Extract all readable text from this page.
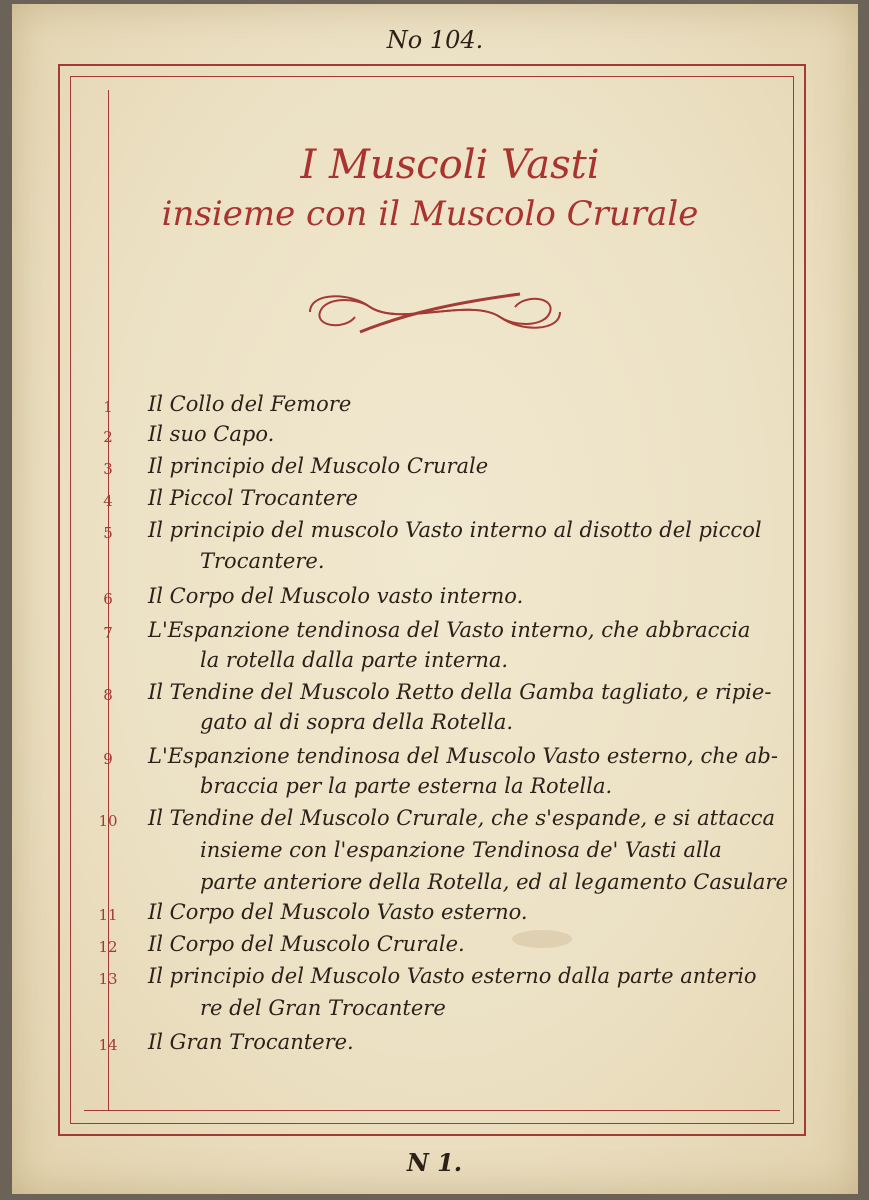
No 104.
I Muscoli Vasti
insieme con il Muscolo Crurale
1	Il Collo del Femore
2	Il suo Capo.
3	Il principio del Muscolo Crurale
4	Il Piccol Trocantere
5	Il principio del muscolo Vasto interno al disotto del piccol
Trocantere.
6	Il Corpo del Muscolo vasto interno.
7	L'Espanzione tendinosa del Vasto interno, che abbraccia
la rotella dalla parte interna.
8	Il Tendine del Muscolo Retto della Gamba tagliato, e ripie-
gato al di sopra della Rotella.
9	L'Espanzione tendinosa del Muscolo Vasto esterno, che ab-
braccia per la parte esterna la Rotella.
10	Il Tendine del Muscolo Crurale, che s'espande, e si attacca
insieme con l'espanzione Tendinosa de' Vasti alla
parte anteriore della Rotella, ed al legamento Casulare
11	Il Corpo del Muscolo Vasto esterno.
12	Il Corpo del Muscolo Crurale.
13	Il principio del Muscolo Vasto esterno dalla parte anterio
re del Gran Trocantere
14	Il Gran Trocantere.
N 1.
